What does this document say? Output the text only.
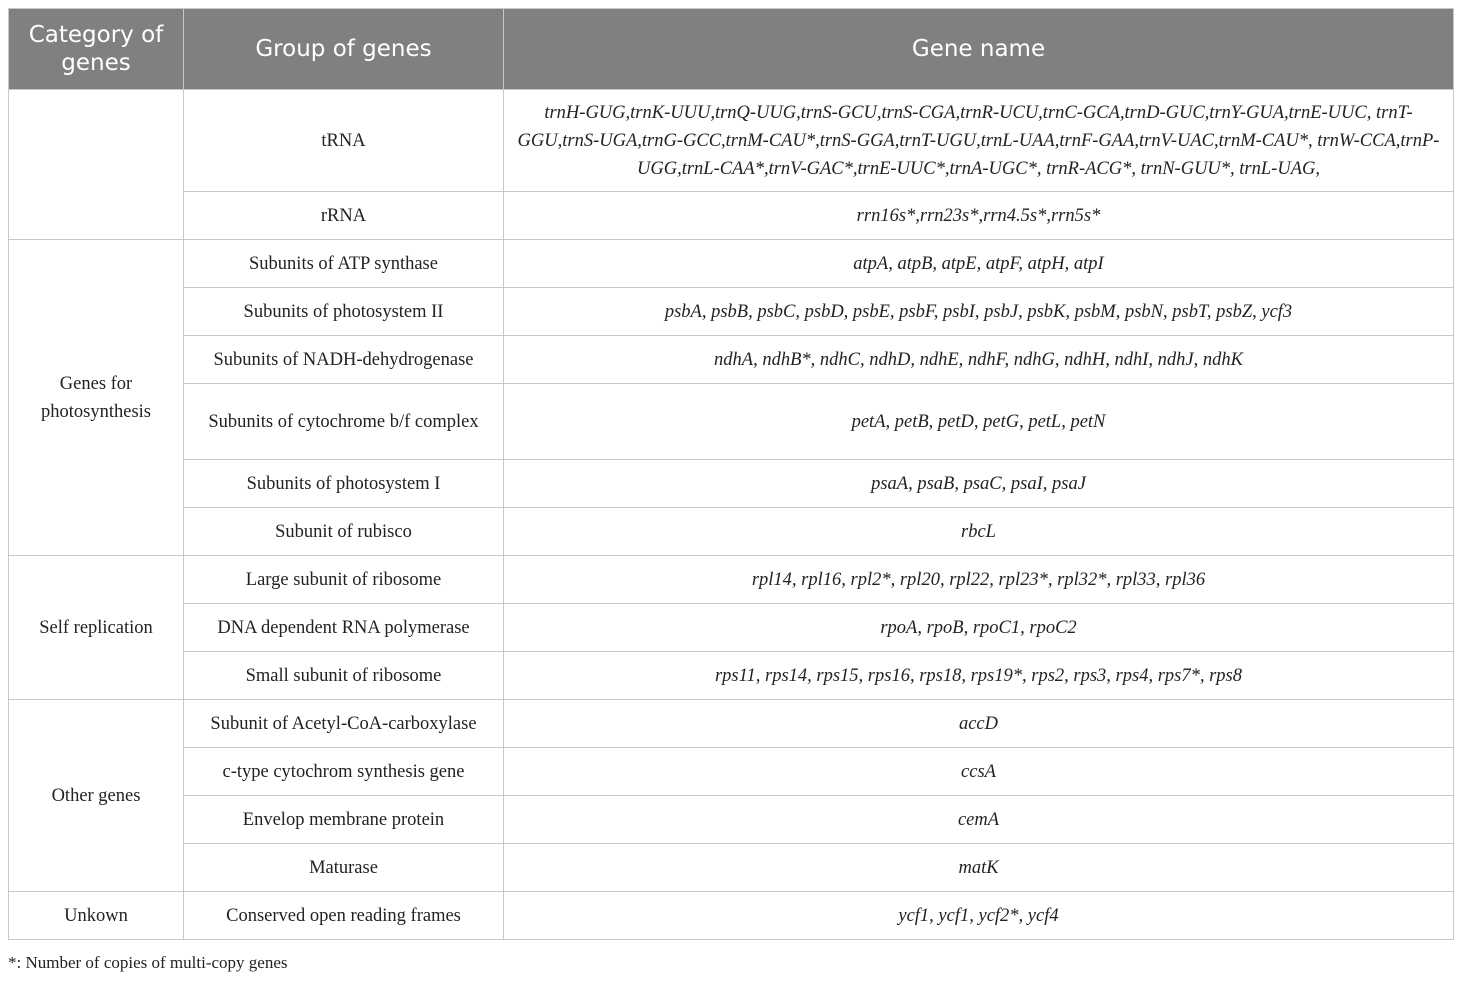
Category of genes	Group of genes	Gene name
	tRNA	trnH-GUG,trnK-UUU,trnQ-UUG,trnS-GCU,trnS-CGA,trnR-UCU,trnC-GCA,trnD-GUC,trnY-GUA,trnE-UUC, trnT-GGU,trnS-UGA,trnG-GCC,trnM-CAU*,trnS-GGA,trnT-UGU,trnL-UAA,trnF-GAA,trnV-UAC,trnM-CAU*, trnW-CCA,trnP-UGG,trnL-CAA*,trnV-GAC*,trnE-UUC*,trnA-UGC*, trnR-ACG*, trnN-GUU*, trnL-UAG,
	rRNA	rrn16s*,rrn23s*,rrn4.5s*,rrn5s*
Genes for photosynthesis	Subunits of ATP synthase	atpA, atpB, atpE, atpF, atpH, atpI
	Subunits of photosystem II	psbA, psbB, psbC, psbD, psbE, psbF, psbI, psbJ, psbK, psbM, psbN, psbT, psbZ, ycf3
	Subunits of NADH-dehydrogenase	ndhA, ndhB*, ndhC, ndhD, ndhE, ndhF, ndhG, ndhH, ndhI, ndhJ, ndhK
	Subunits of cytochrome b/f complex	petA, petB, petD, petG, petL, petN
	Subunits of photosystem I	psaA, psaB, psaC, psaI, psaJ
	Subunit of rubisco	rbcL
Self replication	Large subunit of ribosome	rpl14, rpl16, rpl2*, rpl20, rpl22, rpl23*, rpl32*, rpl33, rpl36
	DNA dependent RNA polymerase	rpoA, rpoB, rpoC1, rpoC2
	Small subunit of ribosome	rps11, rps14, rps15, rps16, rps18, rps19*, rps2, rps3, rps4, rps7*, rps8
Other genes	Subunit of Acetyl-CoA-carboxylase	accD
	c-type cytochrom synthesis gene	ccsA
	Envelop membrane protein	cemA
	Maturase	matK
Unkown	Conserved open reading frames	ycf1, ycf1, ycf2*, ycf4
*: Number of copies of multi-copy genes
